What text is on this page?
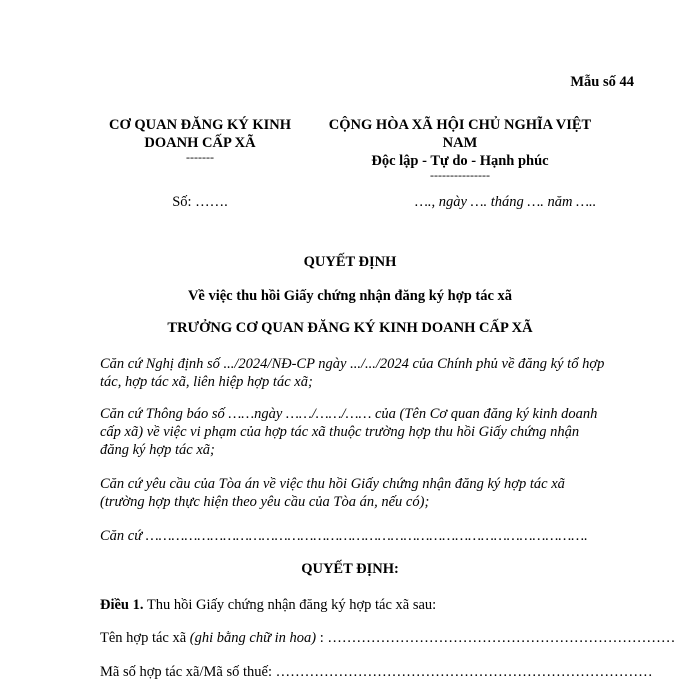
Mẫu số 44
CƠ QUAN ĐĂNG KÝ KINH
DOANH CẤP XÃ
-------
CỘNG HÒA XÃ HỘI CHỦ NGHĨA VIỆT
NAM
Độc lập - Tự do - Hạnh phúc
---------------
Số: …….	…., ngày …. tháng …. năm …..
QUYẾT ĐỊNH
Về việc thu hồi Giấy chứng nhận đăng ký hợp tác xã
TRƯỞNG CƠ QUAN ĐĂNG KÝ KINH DOANH CẤP XÃ
Căn cứ Nghị định số .../2024/NĐ-CP ngày .../.../2024 của Chính phủ về đăng ký tổ hợp
tác, hợp tác xã, liên hiệp hợp tác xã;
Căn cứ Thông báo số ……ngày ……/……/…… của (Tên Cơ quan đăng ký kinh doanh
cấp xã) về việc vi phạm của hợp tác xã thuộc trường hợp thu hồi Giấy chứng nhận
đăng ký hợp tác xã;
Căn cứ yêu cầu của Tòa án về việc thu hồi Giấy chứng nhận đăng ký hợp tác xã
(trường hợp thực hiện theo yêu cầu của Tòa án, nếu có);
Căn cứ ………………………………………………………………………………………….
QUYẾT ĐỊNH:
Điều 1. Thu hồi Giấy chứng nhận đăng ký hợp tác xã sau:
Tên hợp tác xã (ghi bằng chữ in hoa) : ………………………………………………………………
Mã số hợp tác xã/Mã số thuế: ……………………………………………………………………
